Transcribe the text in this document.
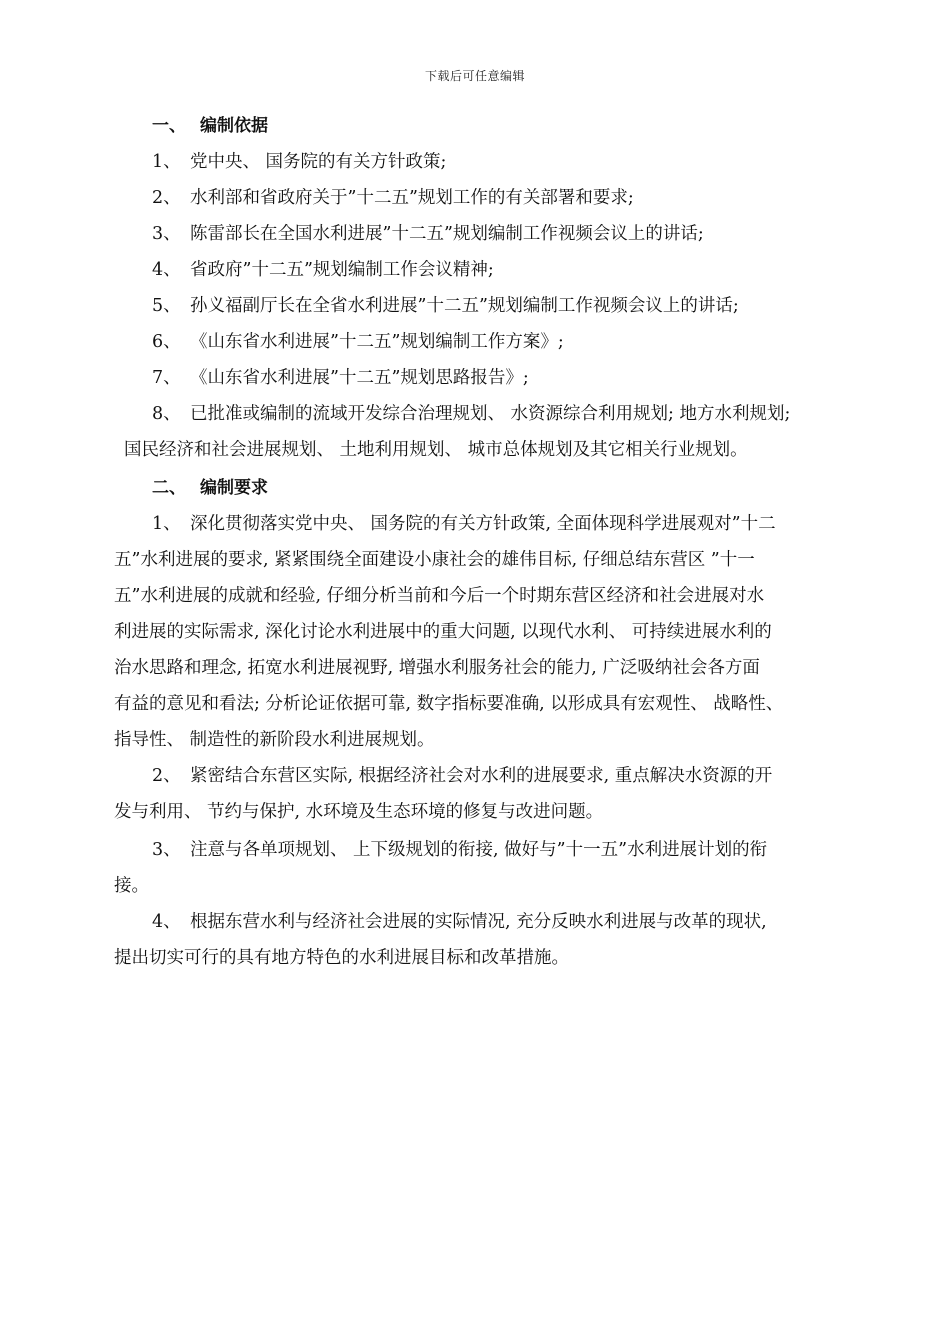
下载后可任意编辑
一、 编制依据
1、 党中央、 国务院的有关方针政策;
2、 水利部和省政府关于”十二五”规划工作的有关部署和要求;
3、 陈雷部长在全国水利进展”十二五”规划编制工作视频会议上的讲话;
4、 省政府”十二五”规划编制工作会议精神;
5、 孙义福副厅长在全省水利进展”十二五”规划编制工作视频会议上的讲话;
6、 《山东省水利进展”十二五”规划编制工作方案》;
7、 《山东省水利进展”十二五”规划思路报告》;
8、 已批准或编制的流域开发综合治理规划、 水资源综合利用规划; 地方水利规划;
国民经济和社会进展规划、 土地利用规划、 城市总体规划及其它相关行业规划。
二、 编制要求
1、 深化贯彻落实党中央、 国务院的有关方针政策, 全面体现科学进展观对”十二
五”水利进展的要求, 紧紧围绕全面建设小康社会的雄伟目标, 仔细总结东营区 ”十一
五”水利进展的成就和经验, 仔细分析当前和今后一个时期东营区经济和社会进展对水
利进展的实际需求, 深化讨论水利进展中的重大问题, 以现代水利、 可持续进展水利的
治水思路和理念, 拓宽水利进展视野, 增强水利服务社会的能力, 广泛吸纳社会各方面
有益的意见和看法; 分析论证依据可靠, 数字指标要准确, 以形成具有宏观性、 战略性、
指导性、 制造性的新阶段水利进展规划。
2、 紧密结合东营区实际, 根据经济社会对水利的进展要求, 重点解决水资源的开
发与利用、 节约与保护, 水环境及生态环境的修复与改进问题。
3、 注意与各单项规划、 上下级规划的衔接, 做好与”十一五”水利进展计划的衔
接。
4、 根据东营水利与经济社会进展的实际情况, 充分反映水利进展与改革的现状,
提出切实可行的具有地方特色的水利进展目标和改革措施。
